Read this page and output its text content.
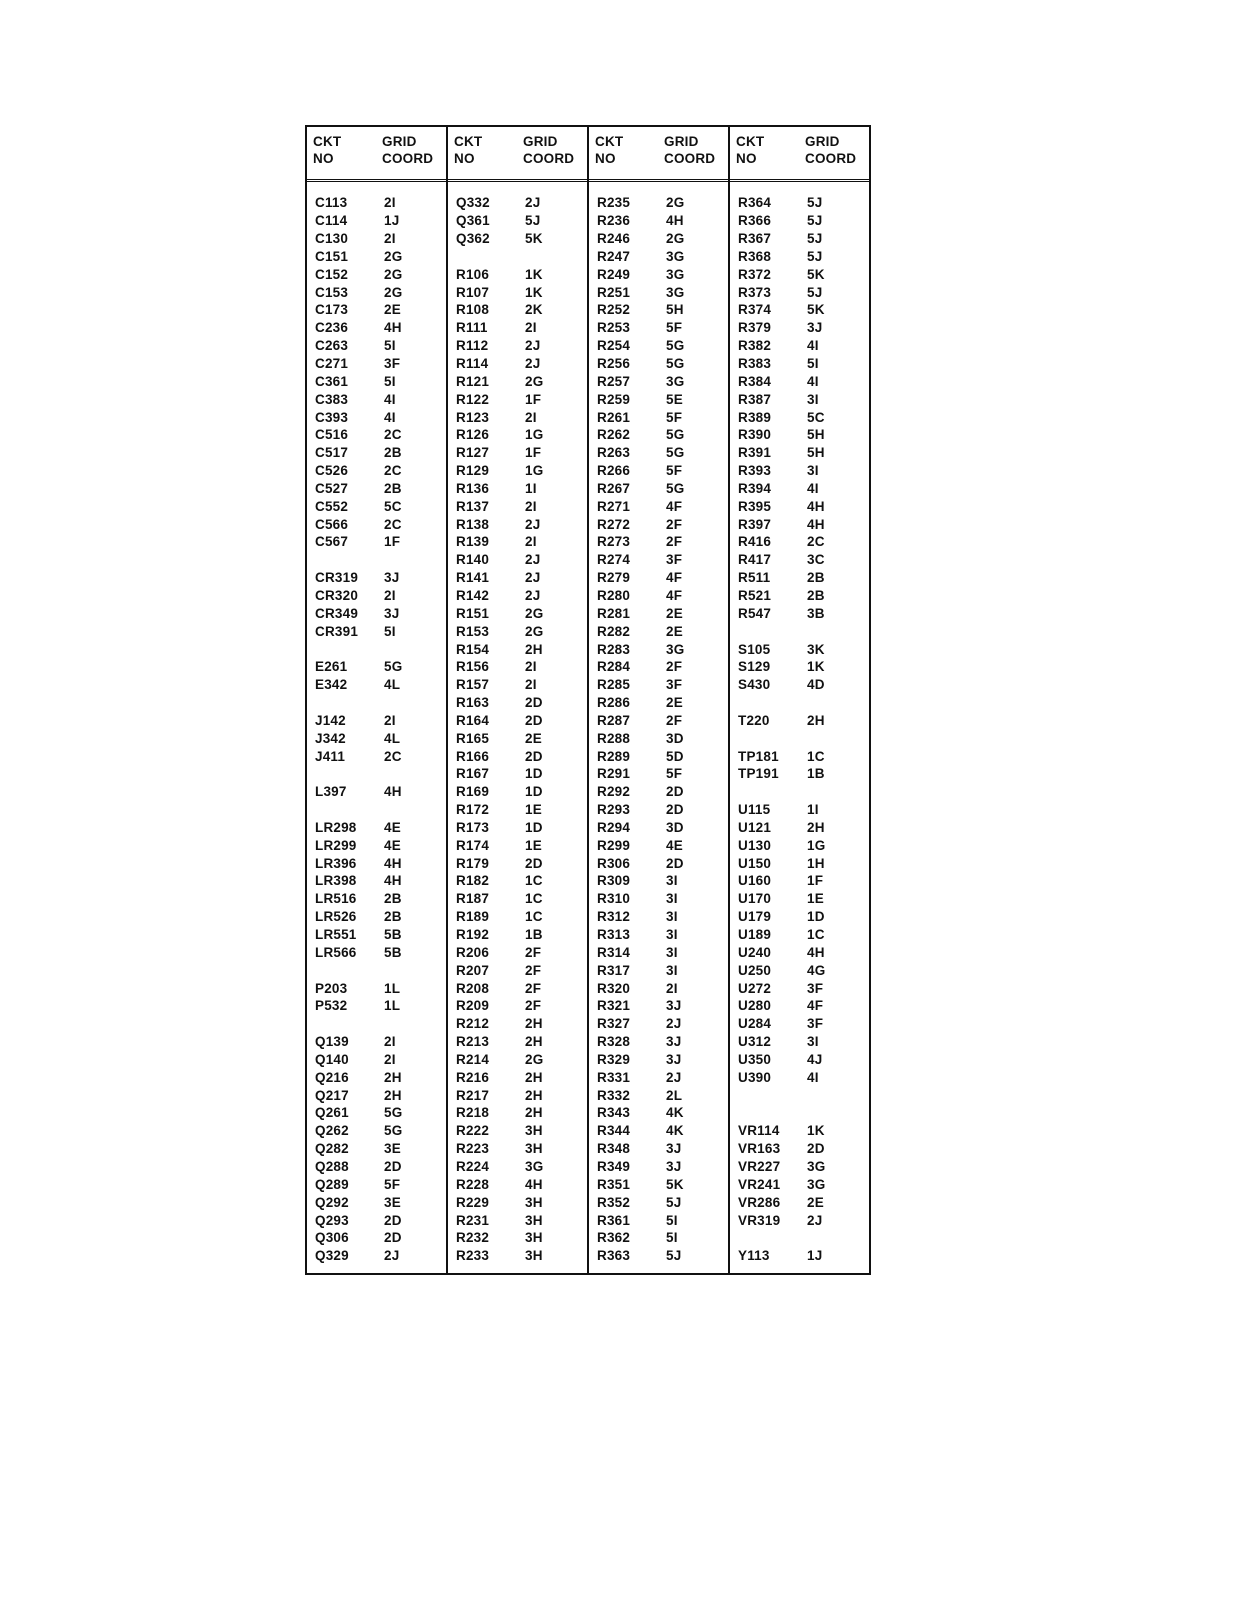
CKT
NO
GRID
COORD
C113	2I
C114	1J
C130	2I
C151	2G
C152	2G
C153	2G
C173	2E
C236	4H
C263	5I
C271	3F
C361	5I
C383	4I
C393	4I
C516	2C
C517	2B
C526	2C
C527	2B
C552	5C
C566	2C
C567	1F
CR319	3J
CR320	2I
CR349	3J
CR391	5I
E261	5G
E342	4L
J142	2I
J342	4L
J411	2C
L397	4H
LR298	4E
LR299	4E
LR396	4H
LR398	4H
LR516	2B
LR526	2B
LR551	5B
LR566	5B
P203	1L
P532	1L
Q139	2I
Q140	2I
Q216	2H
Q217	2H
Q261	5G
Q262	5G
Q282	3E
Q288	2D
Q289	5F
Q292	3E
Q293	2D
Q306	2D
Q329	2J
CKT
NO
GRID
COORD
Q332	2J
Q361	5J
Q362	5K
R106	1K
R107	1K
R108	2K
R111	2I
R112	2J
R114	2J
R121	2G
R122	1F
R123	2I
R126	1G
R127	1F
R129	1G
R136	1I
R137	2I
R138	2J
R139	2I
R140	2J
R141	2J
R142	2J
R151	2G
R153	2G
R154	2H
R156	2I
R157	2I
R163	2D
R164	2D
R165	2E
R166	2D
R167	1D
R169	1D
R172	1E
R173	1D
R174	1E
R179	2D
R182	1C
R187	1C
R189	1C
R192	1B
R206	2F
R207	2F
R208	2F
R209	2F
R212	2H
R213	2H
R214	2G
R216	2H
R217	2H
R218	2H
R222	3H
R223	3H
R224	3G
R228	4H
R229	3H
R231	3H
R232	3H
R233	3H
CKT
NO
GRID
COORD
R235	2G
R236	4H
R246	2G
R247	3G
R249	3G
R251	3G
R252	5H
R253	5F
R254	5G
R256	5G
R257	3G
R259	5E
R261	5F
R262	5G
R263	5G
R266	5F
R267	5G
R271	4F
R272	2F
R273	2F
R274	3F
R279	4F
R280	4F
R281	2E
R282	2E
R283	3G
R284	2F
R285	3F
R286	2E
R287	2F
R288	3D
R289	5D
R291	5F
R292	2D
R293	2D
R294	3D
R299	4E
R306	2D
R309	3I
R310	3I
R312	3I
R313	3I
R314	3I
R317	3I
R320	2I
R321	3J
R327	2J
R328	3J
R329	3J
R331	2J
R332	2L
R343	4K
R344	4K
R348	3J
R349	3J
R351	5K
R352	5J
R361	5I
R362	5I
R363	5J
CKT
NO
GRID
COORD
R364	5J
R366	5J
R367	5J
R368	5J
R372	5K
R373	5J
R374	5K
R379	3J
R382	4I
R383	5I
R384	4I
R387	3I
R389	5C
R390	5H
R391	5H
R393	3I
R394	4I
R395	4H
R397	4H
R416	2C
R417	3C
R511	2B
R521	2B
R547	3B
S105	3K
S129	1K
S430	4D
T220	2H
TP181	1C
TP191	1B
U115	1I
U121	2H
U130	1G
U150	1H
U160	1F
U170	1E
U179	1D
U189	1C
U240	4H
U250	4G
U272	3F
U280	4F
U284	3F
U312	3I
U350	4J
U390	4I
VR114	1K
VR163	2D
VR227	3G
VR241	3G
VR286	2E
VR319	2J
Y113	1J
